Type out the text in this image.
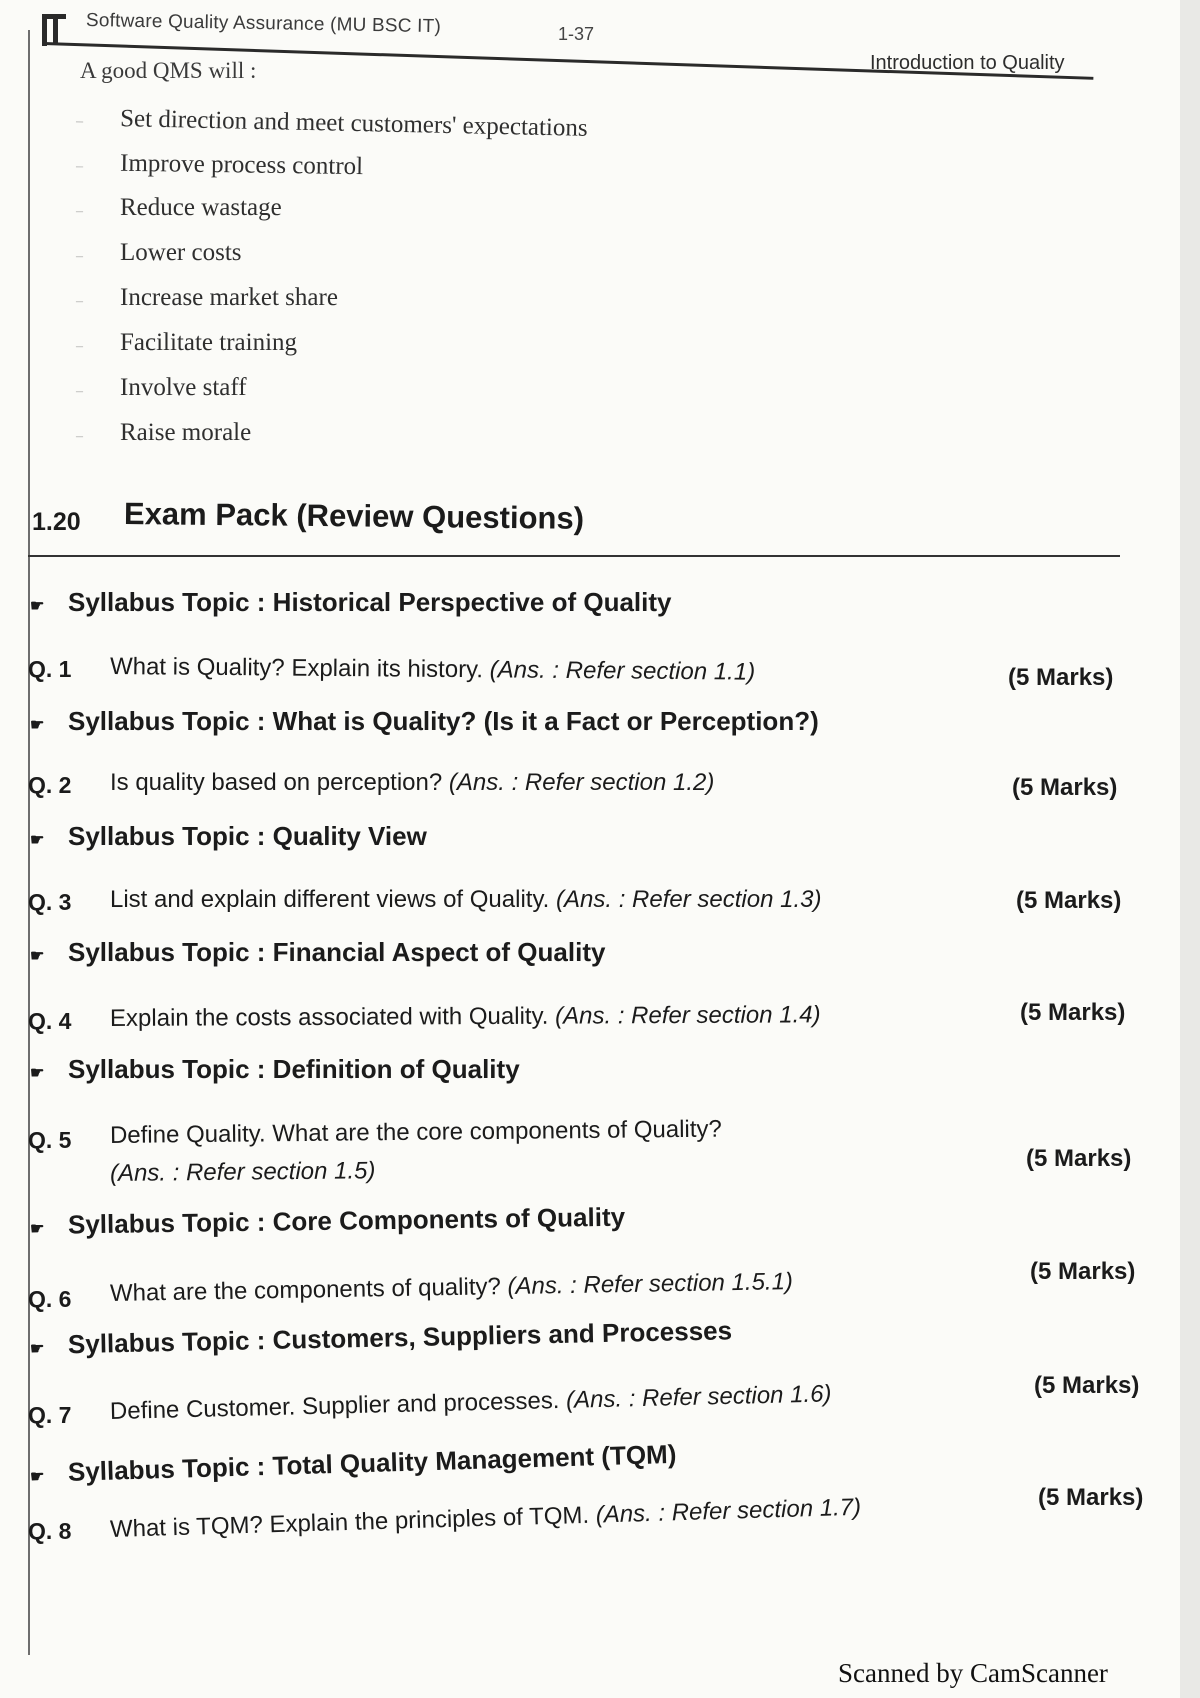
Software Quality Assurance (MU BSC IT)	1-37
Introduction to Quality
A good QMS will :
– Set direction and meet customers' expectations
– Improve process control
– Reduce wastage
– Lower costs
– Increase market share
– Facilitate training
– Involve staff
– Raise morale
1.20 Exam Pack (Review Questions)
☛ Syllabus Topic : Historical Perspective of Quality
Q. 1 What is Quality? Explain its history. (Ans. : Refer section 1.1)	(5 Marks)
☛ Syllabus Topic : What is Quality? (Is it a Fact or Perception?)
Q. 2 Is quality based on perception? (Ans. : Refer section 1.2)	(5 Marks)
☛ Syllabus Topic : Quality View
Q. 3 List and explain different views of Quality. (Ans. : Refer section 1.3)	(5 Marks)
☛ Syllabus Topic : Financial Aspect of Quality
Q. 4 Explain the costs associated with Quality. (Ans. : Refer section 1.4)	(5 Marks)
☛ Syllabus Topic : Definition of Quality
Q. 5 Define Quality. What are the core components of Quality?
(Ans. : Refer section 1.5)	(5 Marks)
☛ Syllabus Topic : Core Components of Quality
Q. 6 What are the components of quality? (Ans. : Refer section 1.5.1)	(5 Marks)
☛ Syllabus Topic : Customers, Suppliers and Processes
Q. 7 Define Customer. Supplier and processes. (Ans. : Refer section 1.6)	(5 Marks)
☛ Syllabus Topic : Total Quality Management (TQM)
Q. 8 What is TQM? Explain the principles of TQM. (Ans. : Refer section 1.7)	(5 Marks)
Scanned by CamScanner
